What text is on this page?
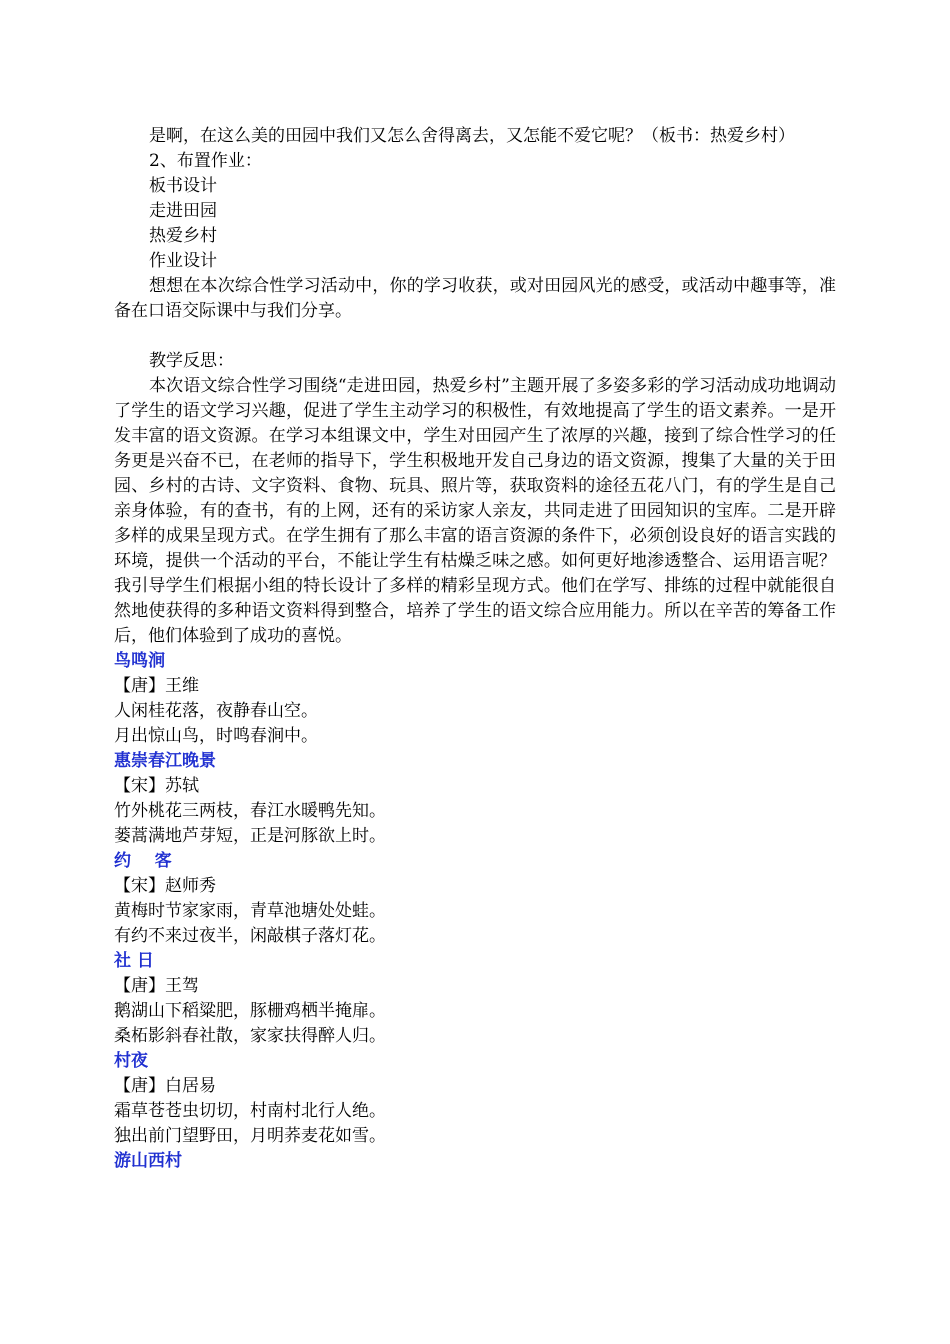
是啊，在这么美的田园中我们又怎么舍得离去，又怎能不爱它呢？（板书：热爱乡村）

2、布置作业：

板书设计

走进田园

热爱乡村

作业设计

想想在本次综合性学习活动中，你的学习收获，或对田园风光的感受，或活动中趣事等，准备在口语交际课中与我们分享。

教学反思：

本次语文综合性学习围绕“走进田园，热爱乡村”主题开展了多姿多彩的学习活动成功地调动了学生的语文学习兴趣，促进了学生主动学习的积极性，有效地提高了学生的语文素养。一是开发丰富的语文资源。在学习本组课文中，学生对田园产生了浓厚的兴趣，接到了综合性学习的任务更是兴奋不已，在老师的指导下，学生积极地开发自己身边的语文资源，搜集了大量的关于田园、乡村的古诗、文字资料、食物、玩具、照片等，获取资料的途径五花八门，有的学生是自己亲身体验，有的查书，有的上网，还有的采访家人亲友，共同走进了田园知识的宝库。二是开辟多样的成果呈现方式。在学生拥有了那么丰富的语言资源的条件下，必须创设良好的语言实践的环境，提供一个活动的平台，不能让学生有枯燥乏味之感。如何更好地渗透整合、运用语言呢？我引导学生们根据小组的特长设计了多样的精彩呈现方式。他们在学写、排练的过程中就能很自然地使获得的多种语文资料得到整合，培养了学生的语文综合应用能力。所以在辛苦的筹备工作后，他们体验到了成功的喜悦。

鸟鸣涧

【唐】王维

人闲桂花落，夜静春山空。

月出惊山鸟，时鸣春涧中。

惠崇春江晚景

【宋】苏轼

竹外桃花三两枝，春江水暖鸭先知。

蒌蒿满地芦芽短，正是河豚欲上时。

约    客

【宋】赵师秀

黄梅时节家家雨，青草池塘处处蛙。

有约不来过夜半，闲敲棋子落灯花。

社 日

【唐】王驾

鹅湖山下稻粱肥，豚栅鸡栖半掩扉。

桑柘影斜春社散，家家扶得醉人归。

村夜

【唐】白居易

霜草苍苍虫切切，村南村北行人绝。

独出前门望野田，月明荞麦花如雪。

游山西村
